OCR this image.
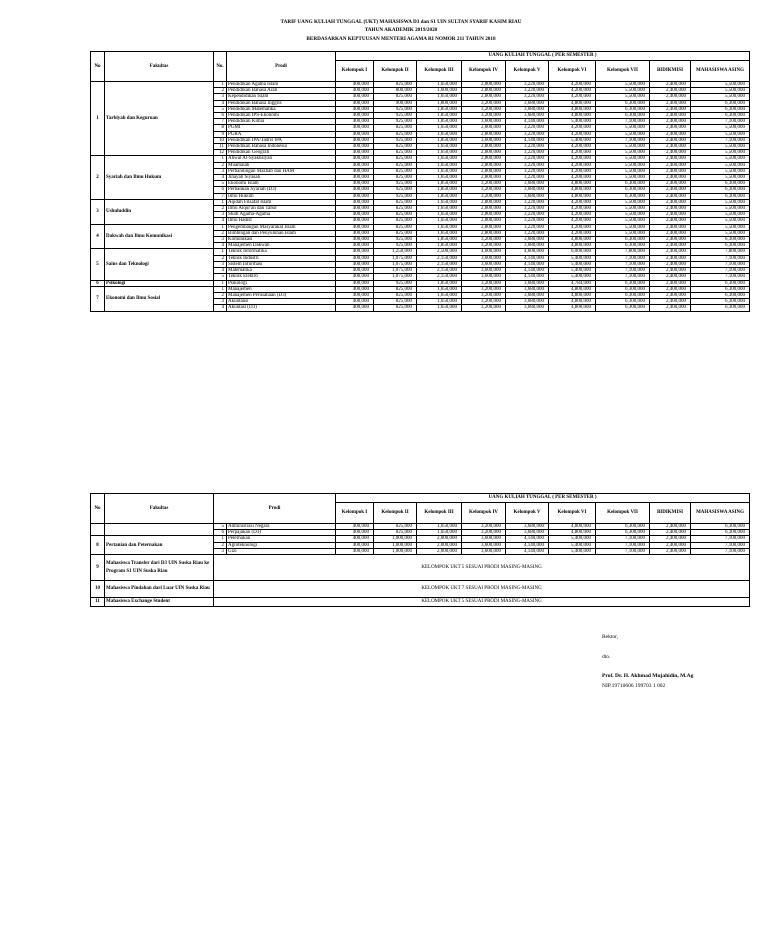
TARIF UANG KULIAH TUNGGAL (UKT) MAHASISWA D3 dan S1 UIN SULTAN SYARIF KASIM RIAU
TAHUN AKADEMIK 2019/2020
BERDASARKAN KEPTUUSAN MENTERI AGAMA RI NOMOR 211 TAHUN 2018
No	Fakultas	No.	Prodi	UANG KULIAH TUNGGAL ( PER SEMESTER )								
				Kelompok I	Kelompok II	Kelompok III	Kelompok IV	Kelompok V	Kelompok VI	Kelompok VII	BIDIKMISI	MAHASISWA ASING
1	Tarbiyah dan Keguruan	1	Pendidikan Agama Islam	400,000	825,000	1,650,000	2,800,000	3,220,000	4,200,000	5,500,000	2,400,000	5,500,000
		2	Pendidikan Bahasa Arab	400,000	800,000	1,600,000	2,800,000	3,220,000	4,200,000	5,500,000	2,400,000	5,500,000
		3	Kependidikan Islam	400,000	825,000	1,650,000	2,800,000	3,220,000	4,200,000	5,500,000	2,400,000	5,500,000
		4	Pendidikan Bahasa Inggris	400,000	900,000	1,800,000	3,200,000	3,680,000	4,800,000	6,300,000	2,400,000	6,300,000
		5	Pendidikan Matematika	400,000	925,000	1,850,000	3,200,000	3,680,000	4,800,000	6,300,000	2,400,000	6,300,000
		6	Pendidikan IPS-Ekonomi	400,000	925,000	1,850,000	3,200,000	3,680,000	4,800,000	6,300,000	2,400,000	6,300,000
		7	Pendidikan Kimia	400,000	925,000	1,850,000	3,600,000	4,140,000	5,400,000	7,100,000	2,400,000	7,100,000
		8	PGMI	400,000	825,000	1,650,000	2,800,000	3,220,000	4,200,000	5,500,000	2,400,000	5,500,000
		9	PGRA	400,000	825,000	1,650,000	2,800,000	3,220,000	4,200,000	5,500,000	2,400,000	5,500,000
		10	Pendidikan IPA/Tadris IPA	400,000	925,000	1,850,000	3,600,000	4,140,000	5,400,000	7,100,000	2,400,000	7,100,000
		11	Pendidikan Bahasa Indonesia	400,000	825,000	1,650,000	2,800,000	3,220,000	4,200,000	5,500,000	2,400,000	5,500,000
		12	Pendidikan Geografi	400,000	825,000	1,650,000	2,800,000	3,220,000	4,200,000	5,500,000	2,400,000	5,500,000
2	Syariah dan Ilmu Hukum	1	Ahwal Al-Syakhsiyah	400,000	825,000	1,650,000	2,800,000	3,220,000	4,200,000	5,500,000	2,400,000	5,500,000
		2	Muamalah	400,000	825,000	1,650,000	2,800,000	3,220,000	4,200,000	5,500,000	2,400,000	5,500,000
		3	Perbandingan Mazhab dan HAM	400,000	825,000	1,650,000	2,800,000	3,220,000	4,200,000	5,500,000	2,400,000	5,500,000
		4	Jinayah Siyasah	400,000	825,000	1,650,000	2,800,000	3,220,000	4,200,000	5,500,000	2,400,000	5,500,000
		5	Ekonomi Islam	400,000	925,000	1,850,000	3,200,000	3,680,000	4,800,000	6,300,000	2,400,000	6,300,000
		6	Perbankan Syariah (D3)	400,000	925,000	1,850,000	3,200,000	3,680,000	4,800,000	6,300,000	2,400,000	6,300,000
		7	Ilmu Hukum	400,000	925,000	1,850,000	3,200,000	3,680,000	4,800,000	6,300,000	2,400,000	6,300,000
3	Ushuluddin	1	Aqidah Filsafat Islam	400,000	825,000	1,650,000	2,800,000	3,220,000	4,200,000	5,500,000	2,400,000	5,500,000
		2	Ilmu Alqur'an dan Tafsir	400,000	825,000	1,650,000	2,800,000	3,220,000	4,200,000	5,500,000	2,400,000	5,500,000
		3	Studi Agama-Agama	400,000	825,000	1,650,000	2,800,000	3,220,000	4,200,000	5,500,000	2,400,000	5,500,000
		4	Ilmu Hadist	400,000	825,000	1,650,000	2,800,000	3,220,000	4,200,000	5,500,000	2,400,000	5,500,000
4	Dakwah dan Ilmu Komunikasi	1	Pengembangan Masyarakat Islam	400,000	825,000	1,650,000	2,800,000	3,220,000	4,200,000	5,500,000	2,400,000	5,500,000
		2	Bimbingan dan Penyuluhan Islam	400,000	825,000	1,650,000	2,800,000	3,220,000	4,200,000	5,500,000	2,400,000	5,500,000
		3	Komunikasi	400,000	925,000	1,850,000	3,200,000	3,680,000	4,800,000	6,300,000	2,400,000	6,300,000
		4	Manajemen Dakwah	400,000	925,000	1,850,000	3,200,000	3,680,000	4,800,000	6,300,000	2,400,000	6,300,000
5	Sains dan Teknologi	1	Teknik Informatika	400,000	1,250,000	2,500,000	4,000,000	4,600,000	6,000,000	7,800,000	2,400,000	7,800,000
		2	Teknik Industri	400,000	1,075,000	2,150,000	3,600,000	4,140,000	5,400,000	7,100,000	2,400,000	7,100,000
		3	Sistem Informasi	400,000	1,075,000	2,150,000	3,600,000	4,140,000	5,400,000	7,100,000	2,400,000	7,100,000
		4	Matematika	400,000	1,075,000	2,150,000	3,600,000	4,140,000	5,400,000	7,100,000	2,400,000	7,100,000
		5	Teknik Elektro	400,000	1,075,000	2,150,000	3,600,000	4,140,000	5,400,000	7,100,000	2,400,000	7,100,000
6	Psikologi	1	Psikologi	400,000	925,000	1,850,000	3,200,000	3,680,000	4,784,000	6,300,000	2,400,000	6,300,000
7	Ekonomi dan Ilmu Sosial	1	Manajemen	400,000	825,000	1,650,000	3,200,000	3,680,000	4,800,000	6,300,000	2,400,000	6,300,000
		2	Manajemen Perusahaan (D3)	400,000	825,000	1,650,000	3,200,000	3,680,000	4,800,000	6,300,000	2,400,000	6,300,000
		3	Akuntansi	400,000	825,000	1,650,000	3,200,000	3,680,000	4,800,000	6,300,000	2,400,000	6,300,000
		4	Akuntasi (D3)	400,000	825,000	1,650,000	3,200,000	3,680,000	4,800,000	6,300,000	2,400,000	6,300,000
No	Fakultas	Prodi		UANG KULIAH TUNGGAL ( PER SEMESTER )								
				Kelompok I	Kelompok II	Kelompok III	Kelompok IV	Kelompok V	Kelompok VI	Kelompok VII	BIDIKMISI	MAHASISWA ASING
		5	Administrasi Negara	400,000	825,000	1,650,000	3,200,000	3,680,000	4,800,000	6,300,000	2,400,000	6,300,000
		6	Perpajakan (D3)	400,000	825,000	1,650,000	3,200,000	3,680,000	4,800,000	6,300,000	2,400,000	6,300,000
8	Pertanian dan Peternakan	1	Peternakan	400,000	1,000,000	2,000,000	3,600,000	4,140,000	5,400,000	7,100,000	2,400,000	7,100,000
		2	Agroteknologi	400,000	1,000,000	2,000,000	3,600,000	4,140,000	5,400,000	7,100,000	2,400,000	7,100,000
		3	Gizi	400,000	1,000,000	2,000,000	3,600,000	4,140,000	5,400,000	7,100,000	2,400,000	7,100,000
9	Mahasiswa Transfer dari D3 UIN Suska Riau ke Program S1 UIN Suska Riau	KELOMPOK UKT 5 SESUAI PRODI MASING-MASING										
10	Mahasiswa Pindahan dari Luar UIN Suska Riau	KELOMPOK UKT 7 SESUAI PRODI MASING-MASING										
11	Mahasiswa Exchange Student	KELOMPOK UKT 5 SESUAI PRODI MASING-MASING										
Rektor,
dto.
Prof. Dr. H. Akhmad Mujahidin, M.Ag
NIP.19710606 199703 1 002
